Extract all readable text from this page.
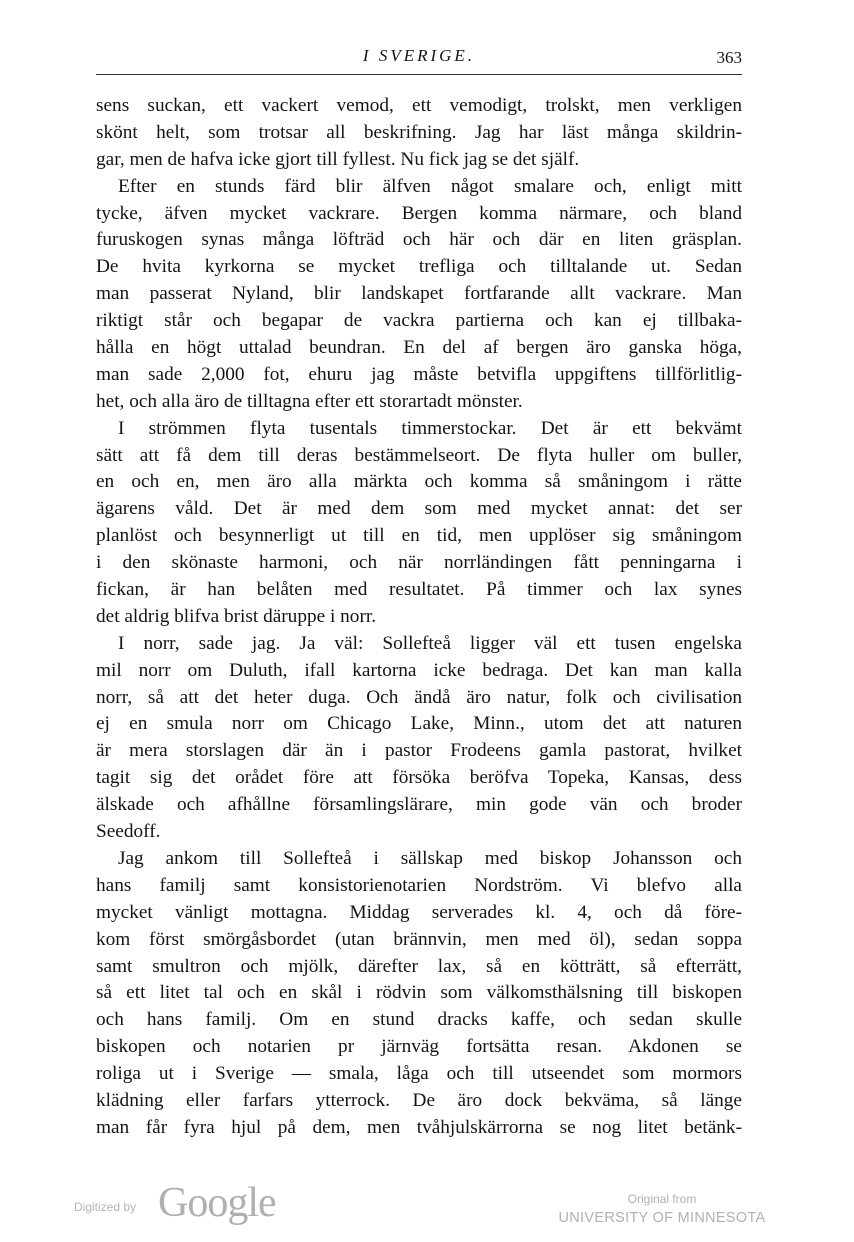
I SVERIGE.	363
sens suckan, ett vackert vemod, ett vemodigt, trolskt, men verkligen
skönt helt, som trotsar all beskrifning. Jag har läst många skildrin-
gar, men de hafva icke gjort till fyllest. Nu fick jag se det själf.
Efter en stunds färd blir älfven något smalare och, enligt mitt
tycke, äfven mycket vackrare. Bergen komma närmare, och bland
furuskogen synas många löfträd och här och där en liten gräsplan.
De hvita kyrkorna se mycket trefliga och tilltalande ut. Sedan
man passerat Nyland, blir landskapet fortfarande allt vackrare. Man
riktigt står och begapar de vackra partierna och kan ej tillbaka-
hålla en högt uttalad beundran. En del af bergen äro ganska höga,
man sade 2,000 fot, ehuru jag måste betvifla uppgiftens tillförlitlig-
het, och alla äro de tilltagna efter ett storartadt mönster.
I strömmen flyta tusentals timmerstockar. Det är ett bekvämt
sätt att få dem till deras bestämmelseort. De flyta huller om buller,
en och en, men äro alla märkta och komma så småningom i rätte
ägarens våld. Det är med dem som med mycket annat: det ser
planlöst och besynnerligt ut till en tid, men upplöser sig småningom
i den skönaste harmoni, och när norrländingen fått penningarna i
fickan, är han belåten med resultatet. På timmer och lax synes
det aldrig blifva brist däruppe i norr.
I norr, sade jag. Ja väl: Sollefteå ligger väl ett tusen engelska
mil norr om Duluth, ifall kartorna icke bedraga. Det kan man kalla
norr, så att det heter duga. Och ändå äro natur, folk och civilisation
ej en smula norr om Chicago Lake, Minn., utom det att naturen
är mera storslagen där än i pastor Frodeens gamla pastorat, hvilket
tagit sig det orådet före att försöka beröfva Topeka, Kansas, dess
älskade och afhållne församlingslärare, min gode vän och broder
Seedoff.
Jag ankom till Sollefteå i sällskap med biskop Johansson och
hans familj samt konsistorienotarien Nordström. Vi blefvo alla
mycket vänligt mottagna. Middag serverades kl. 4, och då före-
kom först smörgåsbordet (utan brännvin, men med öl), sedan soppa
samt smultron och mjölk, därefter lax, så en kötträtt, så efterrätt,
så ett litet tal och en skål i rödvin som välkomsthälsning till biskopen
och hans familj. Om en stund dracks kaffe, och sedan skulle
biskopen och notarien pr järnväg fortsätta resan. Akdonen se
roliga ut i Sverige — smala, låga och till utseendet som mormors
klädning eller farfars ytterrock. De äro dock bekväma, så länge
man får fyra hjul på dem, men tvåhjulskärrorna se nog litet betänk-
Digitized by Google	Original from
UNIVERSITY OF MINNESOTA
